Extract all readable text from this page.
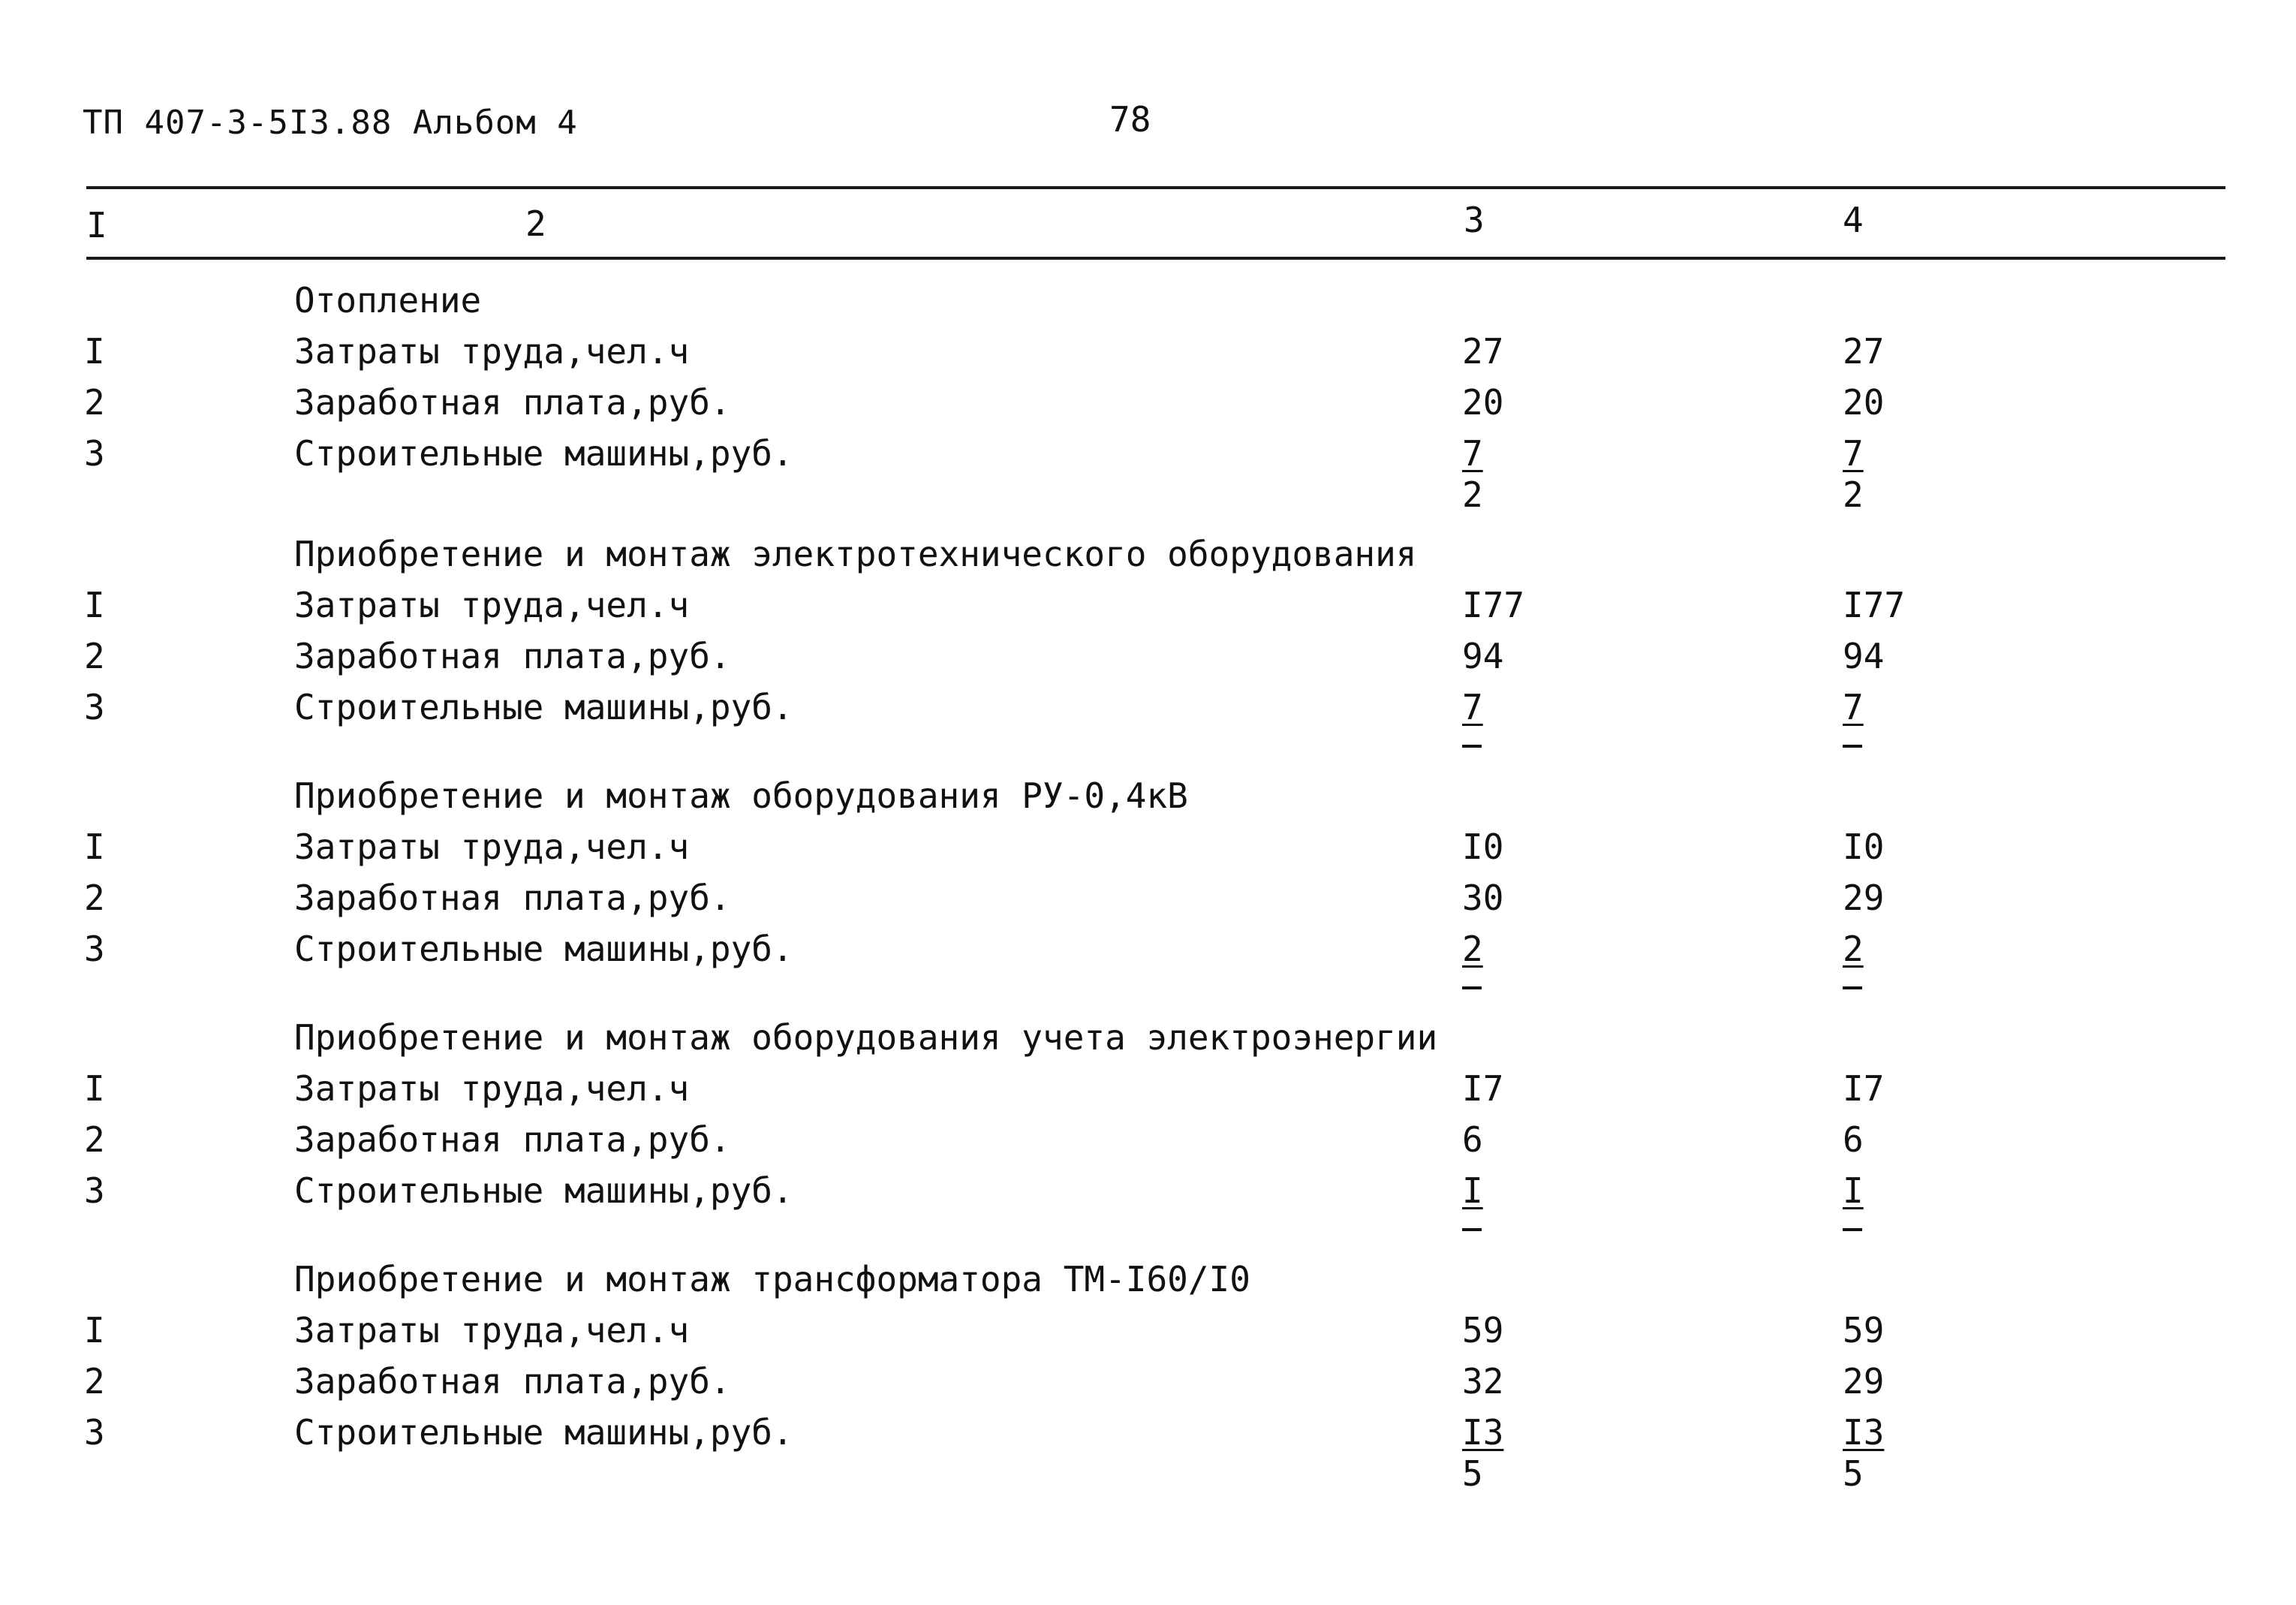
ТП 407-3-5I3.88 Альбом 4	78
I	2	3	4
Отопление
I	Затраты труда,чел.ч	27	27
2	Заработная плата,руб.	20	20
3	Строительные машины,руб.	$\frac{7}{2}$	$\frac{7}{2}$
Приобретение и монтаж электротехнического оборудования
I	Затраты труда,чел.ч	I77	I77
2	Заработная плата,руб.	94	94
3	Строительные машины,руб.	7	7
Приобретение и монтаж оборудования РУ-0,4кВ
I	Затраты труда,чел.ч	I0	I0
2	Заработная плата,руб.	30	29
3	Строительные машины,руб.	2	2
Приобретение и монтаж оборудования учета электроэнергии
I	Затраты труда,чел.ч	I7	I7
2	Заработная плата,руб.	6	6
3	Строительные машины,руб.	I	I
Приобретение и монтаж трансформатора ТМ-I60/I0
I	Затраты труда,чел.ч	59	59
2	Заработная плата,руб.	32	29
3	Строительные машины,руб.	$\frac{I3}{5}$	$\frac{I3}{5}$
